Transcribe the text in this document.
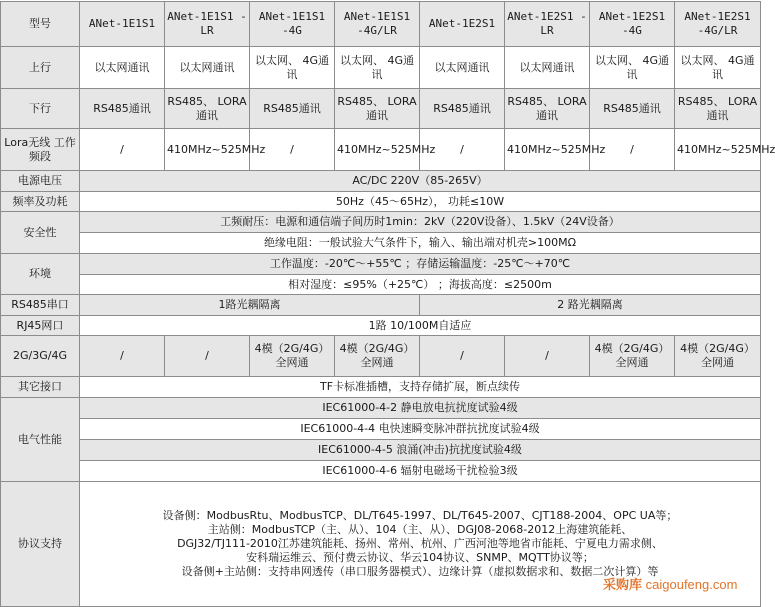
型号	ANet-1E1S1	ANet-1E1S1 -LR	ANet-1E1S1 -4G	ANet-1E1S1 -4G/LR	ANet-1E2S1	ANet-1E2S1 -LR	ANet-1E2S1 -4G	ANet-1E2S1 -4G/LR
上行	以太网通讯	以太网通讯	以太网、 4G通讯	以太网、 4G通讯	以太网通讯	以太网通讯	以太网、 4G通讯	以太网、 4G通讯
下行	RS485通讯	RS485、 LORA通讯	RS485通讯	RS485、 LORA通讯	RS485通讯	RS485、 LORA通讯	RS485通讯	RS485、 LORA通讯
Lora无线 工作频段	/	410MHz~525MHz	/	410MHz~525MHz	/	410MHz~525MHz	/	410MHz~525MHz
电源电压	AC/DC 220V（85-265V）							
频率及功耗	50Hz（45～65Hz）， 功耗≤10W							
安全性	工频耐压：电源和通信端子间历时1min：2kV（220V设备）、1.5kV（24V设备）							
	绝缘电阻：一般试验大气条件下，输入、输出端对机壳>100MΩ							
环境	工作温度：-20℃～+55℃ ；存储运输温度：-25℃～+70℃							
	相对湿度：≤95%（+25℃） ；海拔高度：≤2500m							
RS485串口	1路光耦隔离				2 路光耦隔离			
RJ45网口	1路 10/100M自适应							
2G/3G/4G	/	/	4模（2G/4G） 全网通	4模（2G/4G） 全网通	/	/	4模（2G/4G） 全网通	4模（2G/4G） 全网通
其它接口	TF卡标准插槽，支持存储扩展，断点续传							
电气性能	IEC61000-4-2 静电放电抗扰度试验4级							
	IEC61000-4-4 电快速瞬变脉冲群抗扰度试验4级							
	IEC61000-4-5 浪涌(冲击)抗扰度试验4级							
	IEC61000-4-6 辐射电磁场干扰检验3级							
协议支持	设备侧：ModbusRtu、ModbusTCP、DL/T645-1997、DL/T645-2007、CJT188-2004、OPC UA等；
主站侧：ModbusTCP（主、从）、104（主、从）、DGJ08-2068-2012上海建筑能耗、
DGJ32/TJ111-2010江苏建筑能耗、扬州、常州、杭州、广西河池等地省市能耗、宁夏电力需求侧、
安科瑞运维云、预付费云协议、华云104协议、SNMP、MQTT协议等；
设备侧+主站侧：支持串网透传（串口服务器模式）、边缘计算（虚拟数据求和、数据二次计算）等							
采购库 caigoufeng.com
